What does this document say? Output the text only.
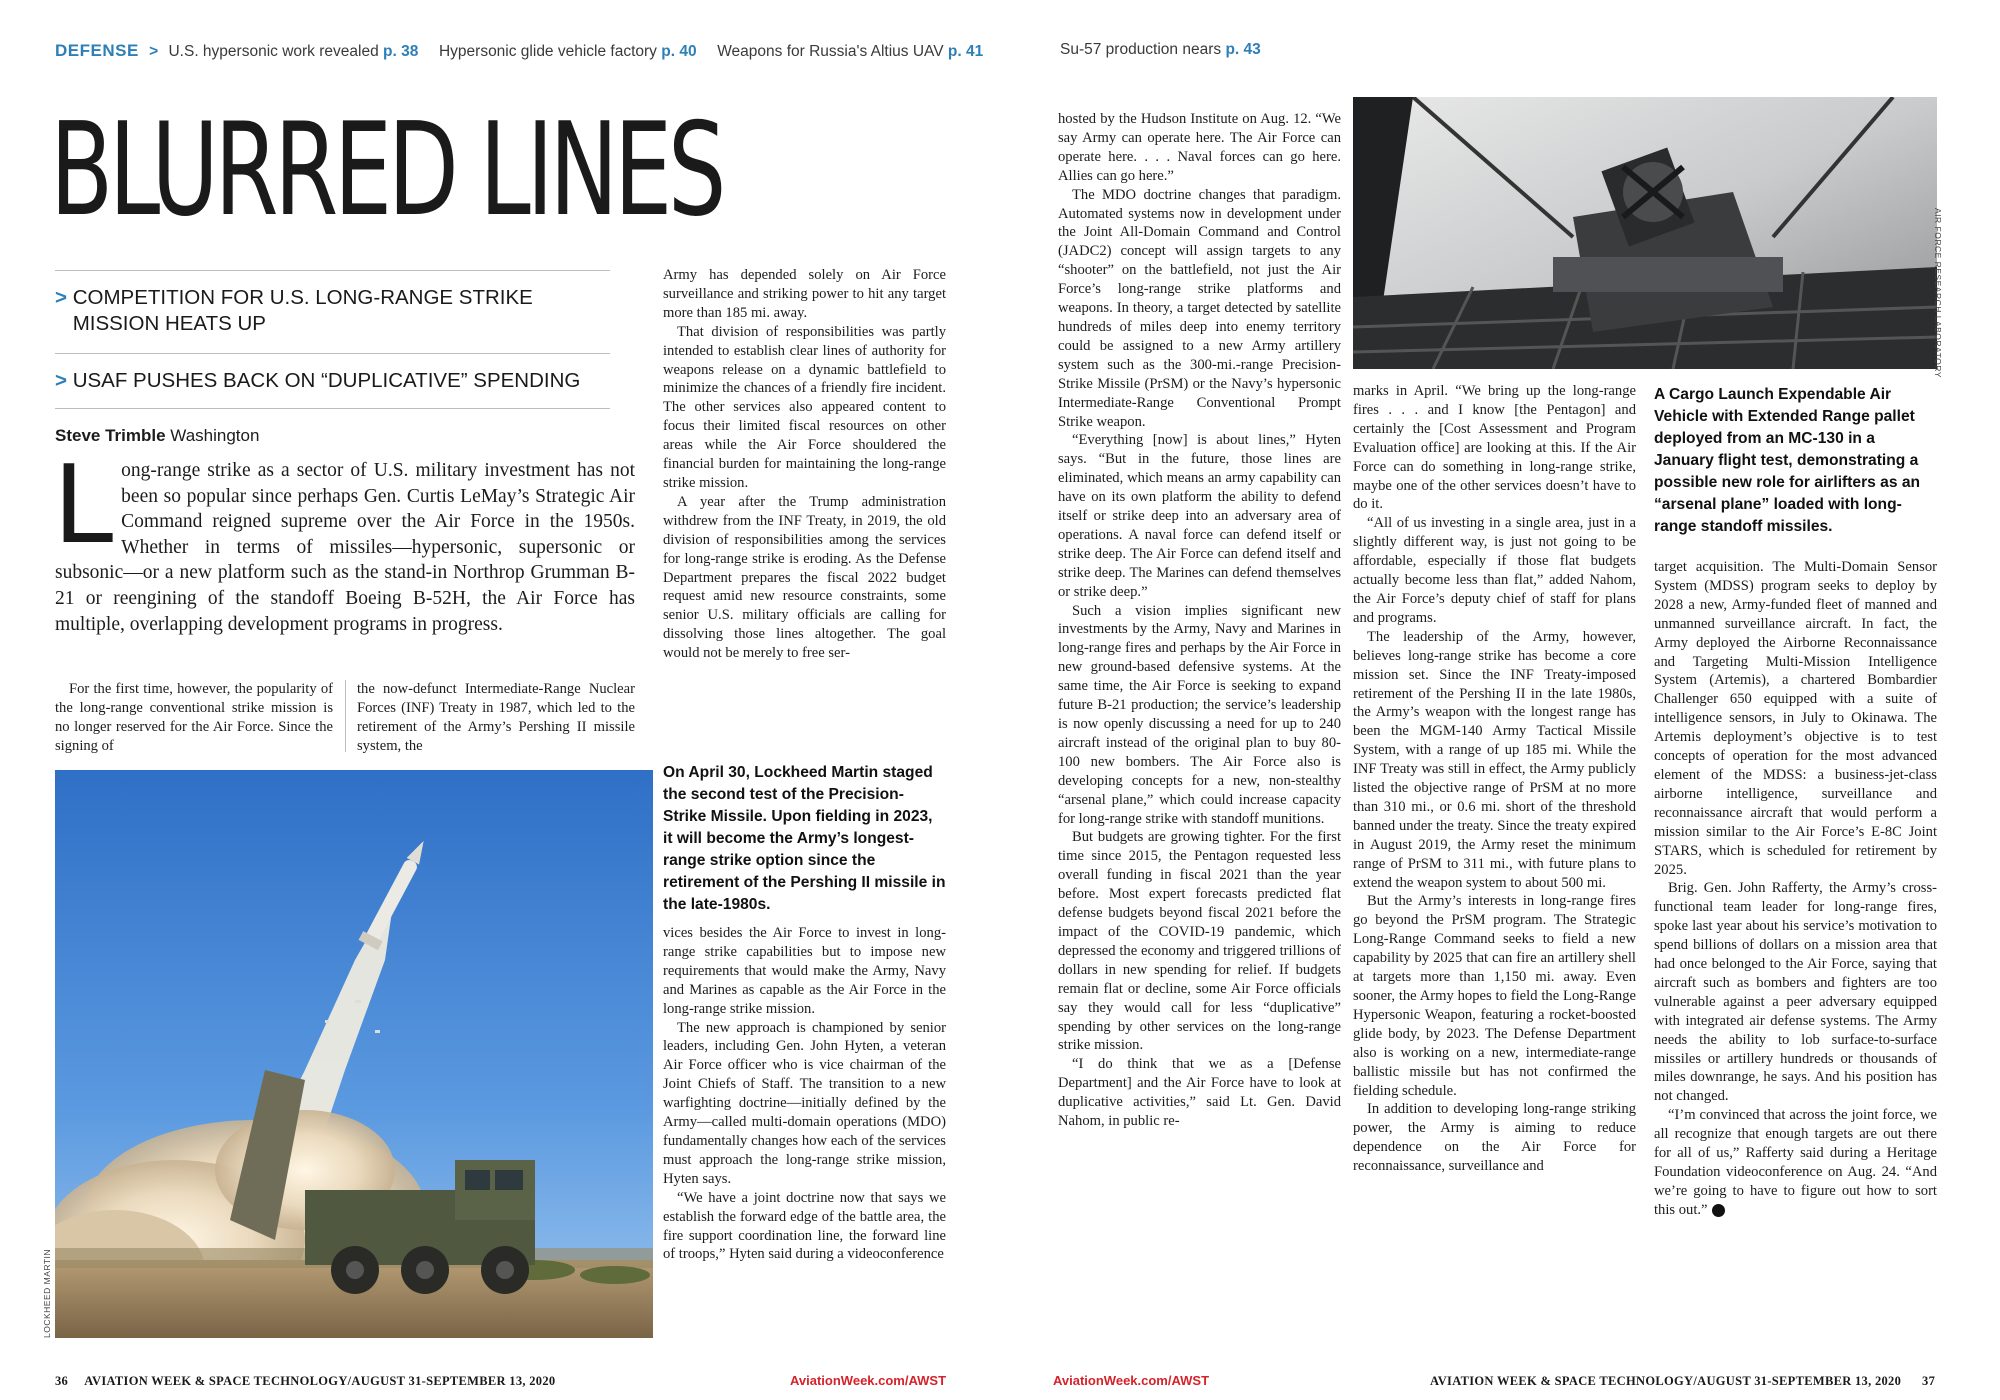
DEFENSE > U.S. hypersonic work revealed p. 38 Hypersonic glide vehicle factory p. 40 Weapons for Russia's Altius UAV p. 41	Su-57 production nears p. 43
BLURRED LINES
> COMPETITION FOR U.S. LONG-RANGE STRIKE MISSION HEATS UP
> USAF PUSHES BACK ON “DUPLICATIVE” SPENDING
Steve Trimble Washington
Long-range strike as a sector of U.S. military investment has not been so popular since perhaps Gen. Curtis LeMay’s Strategic Air Command reigned supreme over the Air Force in the 1950s. Whether in terms of missiles—hypersonic, supersonic or subsonic—or a new platform such as the stand-in Northrop Grumman B-21 or reengining of the standoff Boeing B-52H, the Air Force has multiple, overlapping development programs in progress.

For the first time, however, the popularity of the long-range conventional strike mission is no longer reserved for the Air Force. Since the signing of

the now-defunct Intermediate-Range Nuclear Forces (INF) Treaty in 1987, which led to the retirement of the Army’s Pershing II missile system, the

LOCKHEED MARTIN

Army has depended solely on Air Force surveillance and striking power to hit any target more than 185 mi. away.

That division of responsibilities was partly intended to establish clear lines of authority for weapons release on a dynamic battlefield to minimize the chances of a friendly fire incident. The other services also appeared content to focus their limited fiscal resources on other areas while the Air Force shouldered the financial burden for maintaining the long-range strike mission.

A year after the Trump administration withdrew from the INF Treaty, in 2019, the old division of responsibilities among the services for long-range strike is eroding. As the Defense Department prepares the fiscal 2022 budget request amid new resource constraints, some senior U.S. military officials are calling for dissolving those lines altogether. The goal would not be merely to free ser-

On April 30, Lockheed Martin staged the second test of the Precision-Strike Missile. Upon fielding in 2023, it will become the Army’s longest-range strike option since the retirement of the Pershing II missile in the late-1980s.

vices besides the Air Force to invest in long-range strike capabilities but to impose new requirements that would make the Army, Navy and Marines as capable as the Air Force in the long-range strike mission.

The new approach is championed by senior leaders, including Gen. John Hyten, a veteran Air Force officer who is vice chairman of the Joint Chiefs of Staff. The transition to a new warfighting doctrine—initially defined by the Army—called multi-domain operations (MDO) fundamentally changes how each of the services must approach the long-range strike mission, Hyten says.

“We have a joint doctrine now that says we establish the forward edge of the battle area, the fire support coordination line, the forward line of troops,” Hyten said during a videoconference

hosted by the Hudson Institute on Aug. 12. “We say Army can operate here. The Air Force can operate here. . . . Naval forces can go here. Allies can go here.”

The MDO doctrine changes that paradigm. Automated systems now in development under the Joint All-Domain Command and Control (JADC2) concept will assign targets to any “shooter” on the battlefield, not just the Air Force’s long-range strike platforms and weapons. In theory, a target detected by satellite hundreds of miles deep into enemy territory could be assigned to a new Army artillery system such as the 300-mi.-range Precision-Strike Missile (PrSM) or the Navy’s hypersonic Intermediate-Range Conventional Prompt Strike weapon.

“Everything [now] is about lines,” Hyten says. “But in the future, those lines are eliminated, which means an army capability can have on its own platform the ability to defend itself or strike deep into an adversary area of operations. A naval force can defend itself or strike deep. The Air Force can defend itself and strike deep. The Marines can defend themselves or strike deep.”

Such a vision implies significant new investments by the Army, Navy and Marines in long-range fires and perhaps by the Air Force in new ground-based defensive systems. At the same time, the Air Force is seeking to expand future B-21 production; the service’s leadership is now openly discussing a need for up to 240 aircraft instead of the original plan to buy 80-100 new bombers. The Air Force also is developing concepts for a new, non-stealthy “arsenal plane,” which could increase capacity for long-range strike with standoff munitions.

But budgets are growing tighter. For the first time since 2015, the Pentagon requested less overall funding in fiscal 2021 than the year before. Most expert forecasts predicted flat defense budgets beyond fiscal 2021 before the impact of the COVID-19 pandemic, which depressed the economy and triggered trillions of dollars in new spending for relief. If budgets remain flat or decline, some Air Force officials say they would call for less “duplicative” spending by other services on the long-range strike mission.

“I do think that we as a [Defense Department] and the Air Force have to look at duplicative activities,” said Lt. Gen. David Nahom, in public re-

AIR FORCE RESEARCH LABORATORY

marks in April. “We bring up the long-range fires . . . and I know [the Pentagon] and certainly the [Cost Assessment and Program Evaluation office] are looking at this. If the Air Force can do something in long-range strike, maybe one of the other services doesn’t have to do it.

“All of us investing in a single area, just in a slightly different way, is just not going to be affordable, especially if those flat budgets actually become less than flat,” added Nahom, the Air Force’s deputy chief of staff for plans and programs.

The leadership of the Army, however, believes long-range strike has become a core mission set. Since the INF Treaty-imposed retirement of the Pershing II in the late 1980s, the Army’s weapon with the longest range has been the MGM-140 Army Tactical Missile System, with a range of up 185 mi. While the INF Treaty was still in effect, the Army publicly listed the objective range of PrSM at no more than 310 mi., or 0.6 mi. short of the threshold banned under the treaty. Since the treaty expired in August 2019, the Army reset the minimum range of PrSM to 311 mi., with future plans to extend the weapon system to about 500 mi.

But the Army’s interests in long-range fires go beyond the PrSM program. The Strategic Long-Range Command seeks to field a new capability by 2025 that can fire an artillery shell at targets more than 1,150 mi. away. Even sooner, the Army hopes to field the Long-Range Hypersonic Weapon, featuring a rocket-boosted glide body, by 2023. The Defense Department also is working on a new, intermediate-range ballistic missile but has not confirmed the fielding schedule.

In addition to developing long-range striking power, the Army is aiming to reduce dependence on the Air Force for reconnaissance, surveillance and

A Cargo Launch Expendable Air Vehicle with Extended Range pallet deployed from an MC-130 in a January flight test, demonstrating a possible new role for airlifters as an “arsenal plane” loaded with long-range standoff missiles.

target acquisition. The Multi-Domain Sensor System (MDSS) program seeks to deploy by 2028 a new, Army-funded fleet of manned and unmanned surveillance aircraft. In fact, the Army deployed the Airborne Reconnaissance and Targeting Multi-Mission Intelligence System (Artemis), a chartered Bombardier Challenger 650 equipped with a suite of intelligence sensors, in July to Okinawa. The Artemis deployment’s objective is to test concepts of operation for the most advanced element of the MDSS: a business-jet-class airborne intelligence, surveillance and reconnaissance aircraft that would perform a mission similar to the Air Force’s E-8C Joint STARS, which is scheduled for retirement by 2025.

Brig. Gen. John Rafferty, the Army’s cross-functional team leader for long-range fires, spoke last year about his service’s motivation to spend billions of dollars on a mission area that had once belonged to the Air Force, saying that aircraft such as bombers and fighters are too vulnerable against a peer adversary equipped with integrated air defense systems. The Army needs the ability to lob surface-to-surface missiles or artillery hundreds or thousands of miles downrange, he says. And his position has not changed.

“I’m convinced that across the joint force, we all recognize that enough targets are out there for all of us,” Rafferty said during a Heritage Foundation videoconference on Aug. 24. “And we’re going to have to figure out how to sort this out.” ❯

36 AVIATION WEEK & SPACE TECHNOLOGY/AUGUST 31-SEPTEMBER 13, 2020	AviationWeek.com/AWST	AviationWeek.com/AWST	AVIATION WEEK & SPACE TECHNOLOGY/AUGUST 31-SEPTEMBER 13, 2020 37
